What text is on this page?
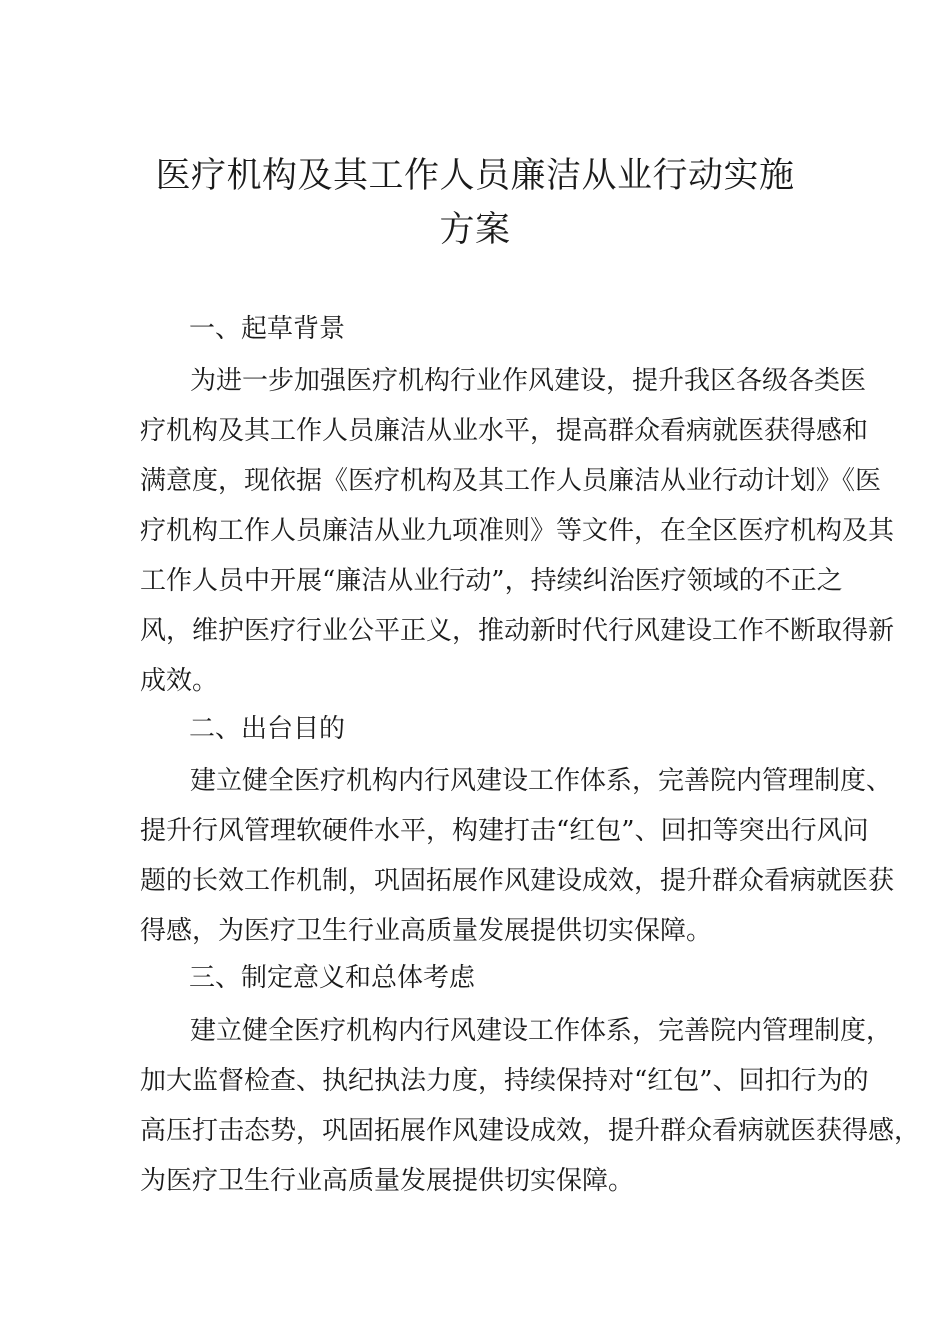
医疗机构及其工作人员廉洁从业行动实施
方案
一、起草背景
为进一步加强医疗机构行业作风建设，提升我区各级各类医
疗机构及其工作人员廉洁从业水平，提高群众看病就医获得感和
满意度，现依据《医疗机构及其工作人员廉洁从业行动计划》《医
疗机构工作人员廉洁从业九项准则》等文件，在全区医疗机构及其
工作人员中开展“廉洁从业行动”，持续纠治医疗领域的不正之
风，维护医疗行业公平正义，推动新时代行风建设工作不断取得新
成效。
二、出台目的
建立健全医疗机构内行风建设工作体系，完善院内管理制度、
提升行风管理软硬件水平，构建打击“红包”、回扣等突出行风问
题的长效工作机制，巩固拓展作风建设成效，提升群众看病就医获
得感，为医疗卫生行业高质量发展提供切实保障。
三、制定意义和总体考虑
建立健全医疗机构内行风建设工作体系，完善院内管理制度，
加大监督检查、执纪执法力度，持续保持对“红包”、回扣行为的
高压打击态势，巩固拓展作风建设成效，提升群众看病就医获得感，
为医疗卫生行业高质量发展提供切实保障。
